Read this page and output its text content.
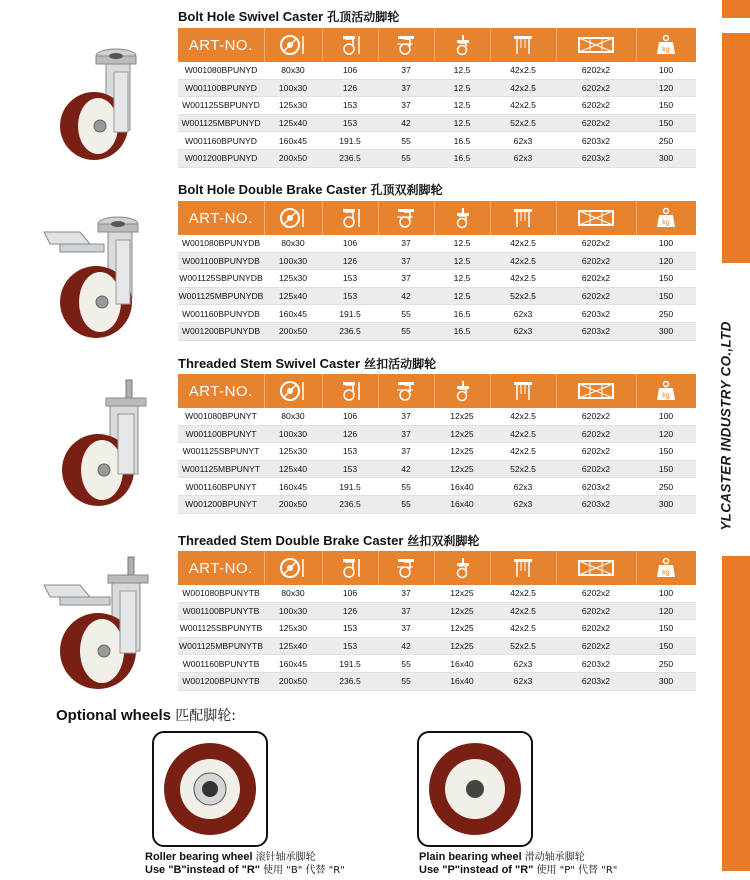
YLCASTER INDUSTRY CO.,LTD
Bolt Hole Swivel Caster 孔顶活动脚轮
Bolt Hole Double Brake Caster 孔顶双刹脚轮
Threaded Stem Swivel Caster 丝扣活动脚轮
Threaded Stem Double Brake Caster 丝扣双刹脚轮
ART-NO.							kg

W001080BPUNYD	80x30	106	37	12.5	42x2.5	6202x2	100
W001100BPUNYD	100x30	126	37	12.5	42x2.5	6202x2	120
W001125SBPUNYD	125x30	153	37	12.5	42x2.5	6202x2	150
W001125MBPUNYD	125x40	153	42	12.5	52x2.5	6202x2	150
W001160BPUNYD	160x45	191.5	55	16.5	62x3	6203x2	250
W001200BPUNYD	200x50	236.5	55	16.5	62x3	6203x2	300
ART-NO.							kg

W001080BPUNYDB	80x30	106	37	12.5	42x2.5	6202x2	100
W001100BPUNYDB	100x30	126	37	12.5	42x2.5	6202x2	120
W001125SBPUNYDB	125x30	153	37	12.5	42x2.5	6202x2	150
W001125MBPUNYDB	125x40	153	42	12.5	52x2.5	6202x2	150
W001160BPUNYDB	160x45	191.5	55	16.5	62x3	6203x2	250
W001200BPUNYDB	200x50	236.5	55	16.5	62x3	6203x2	300
ART-NO.							kg

W001080BPUNYT	80x30	106	37	12x25	42x2.5	6202x2	100
W001100BPUNYT	100x30	126	37	12x25	42x2.5	6202x2	120
W001125SBPUNYT	125x30	153	37	12x25	42x2.5	6202x2	150
W001125MBPUNYT	125x40	153	42	12x25	52x2.5	6202x2	150
W001160BPUNYT	160x45	191.5	55	16x40	62x3	6203x2	250
W001200BPUNYT	200x50	236.5	55	16x40	62x3	6203x2	300
ART-NO.							kg

W001080BPUNYTB	80x30	106	37	12x25	42x2.5	6202x2	100
W001100BPUNYTB	100x30	126	37	12x25	42x2.5	6202x2	120
W001125SBPUNYTB	125x30	153	37	12x25	42x2.5	6202x2	150
W001125MBPUNYTB	125x40	153	42	12x25	52x2.5	6202x2	150
W001160BPUNYTB	160x45	191.5	55	16x40	62x3	6203x2	250
W001200BPUNYTB	200x50	236.5	55	16x40	62x3	6203x2	300
Optional wheels 匹配脚轮:
Roller bearing wheel 滚针轴承脚轮
Use "B"instead of "R" 使用 "B" 代替 "R"
Plain bearing wheel 滑动轴承脚轮
Use "P"instead of "R" 使用 "P" 代替 "R"
